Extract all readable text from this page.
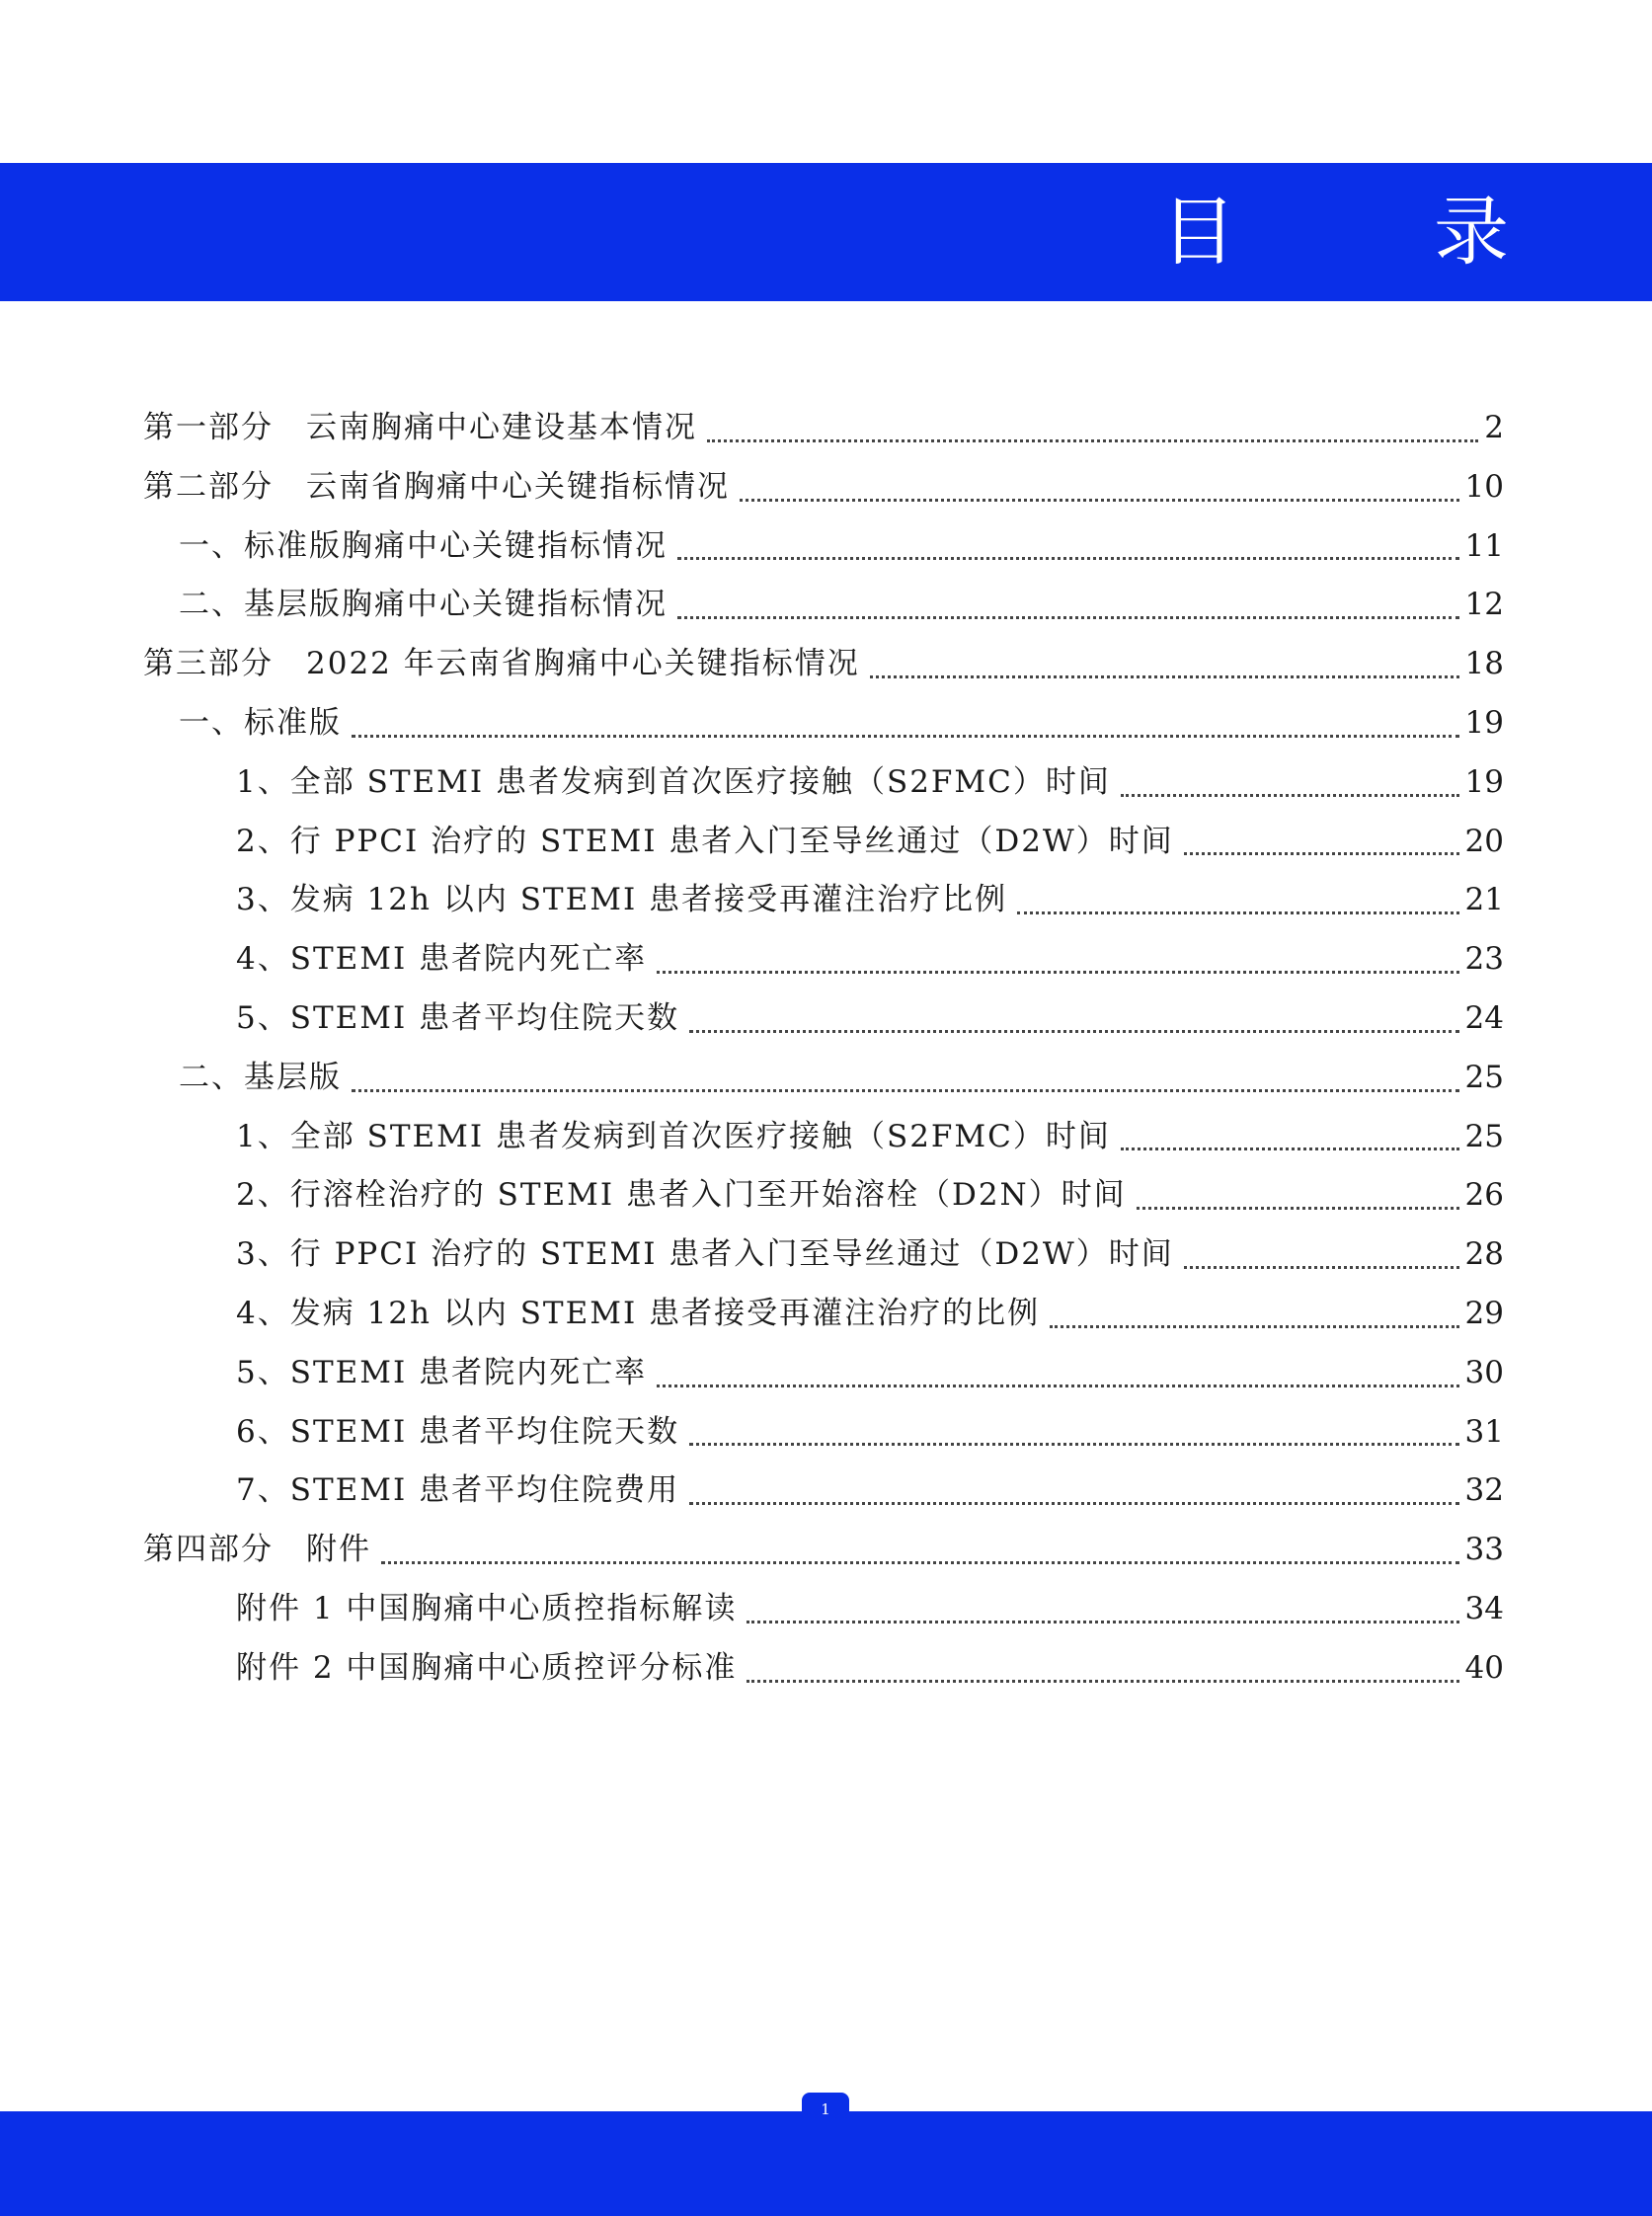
目 录
第一部分　云南胸痛中心建设基本情况	2
第二部分　云南省胸痛中心关键指标情况	10
一、标准版胸痛中心关键指标情况	11
二、基层版胸痛中心关键指标情况	12
第三部分　2022 年云南省胸痛中心关键指标情况	18
一、标准版	19
1、全部 STEMI 患者发病到首次医疗接触（S2FMC）时间	19
2、行 PPCI 治疗的 STEMI 患者入门至导丝通过（D2W）时间	20
3、发病 12h 以内 STEMI 患者接受再灌注治疗比例	21
4、STEMI 患者院内死亡率	23
5、STEMI 患者平均住院天数	24
二、基层版	25
1、全部 STEMI 患者发病到首次医疗接触（S2FMC）时间	25
2、行溶栓治疗的 STEMI 患者入门至开始溶栓（D2N）时间	26
3、行 PPCI 治疗的 STEMI 患者入门至导丝通过（D2W）时间	28
4、发病 12h 以内 STEMI 患者接受再灌注治疗的比例	29
5、STEMI 患者院内死亡率	30
6、STEMI 患者平均住院天数	31
7、STEMI 患者平均住院费用	32
第四部分　附件	33
附件 1 中国胸痛中心质控指标解读	34
附件 2 中国胸痛中心质控评分标准	40
1
